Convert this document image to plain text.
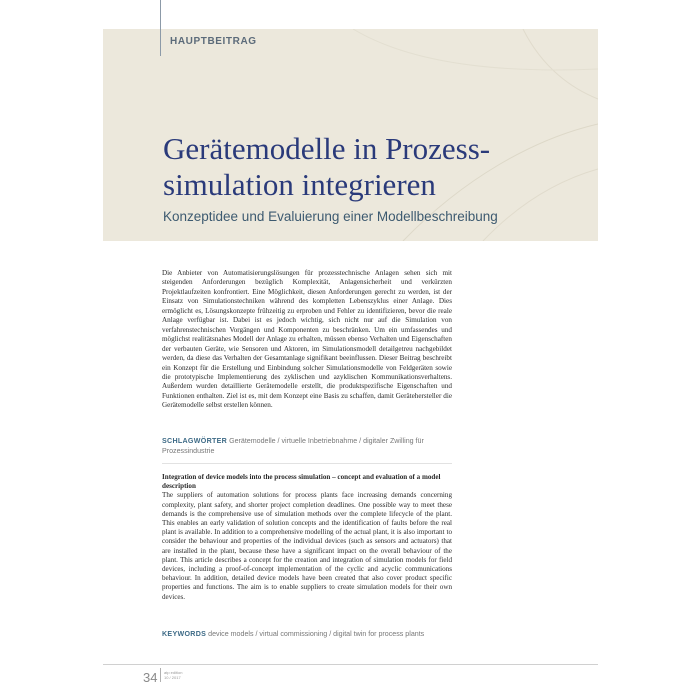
HAUPTBEITRAG
Gerätemodelle in Prozess-
simulation integrieren
Konzeptidee und Evaluierung einer Modellbeschreibung

Die Anbieter von Automatisierungslösungen für prozesstechnische Anlagen sehen sich mit steigenden Anforderungen bezüglich Komplexität, Anlagensicherheit und verkürzten Projektlaufzeiten konfrontiert. Eine Möglichkeit, diesen Anforderungen gerecht zu werden, ist der Einsatz von Simulationstechniken während des kompletten Lebenszyklus einer Anlage. Dies ermöglicht es, Lösungskonzepte frühzeitig zu erproben und Fehler zu identifizieren, bevor die reale Anlage verfügbar ist. Dabei ist es jedoch wichtig, sich nicht nur auf die Simulation von verfahrenstechnischen Vorgängen und Komponenten zu beschränken. Um ein umfassendes und möglichst realitätsnahes Modell der Anlage zu erhalten, müssen ebenso Verhalten und Eigenschaften der verbauten Geräte, wie Sensoren und Aktoren, im Simulationsmodell detailgetreu nachgebildet werden, da diese das Verhalten der Gesamtanlage signifikant beeinflussen. Dieser Beitrag beschreibt ein Konzept für die Erstellung und Einbindung solcher Simulationsmodelle von Feldgeräten sowie die prototypische Implementierung des zyklischen und azyklischen Kommunikationsverhaltens. Außerdem wurden detaillierte Gerätemodelle erstellt, die produktspezifische Eigenschaften und Funktionen enthalten. Ziel ist es, mit dem Konzept eine Basis zu schaffen, damit Gerätehersteller die Gerätemodelle selbst erstellen können.

SCHLAGWÖRTER Gerätemodelle / virtuelle Inbetriebnahme / digitaler Zwilling für Prozessindustrie

Integration of device models into the process simulation – concept and evaluation of a model description

The suppliers of automation solutions for process plants face increasing demands concerning complexity, plant safety, and shorter project completion deadlines. One possible way to meet these demands is the comprehensive use of simulation methods over the complete lifecycle of the plant. This enables an early validation of solution concepts and the identification of faults before the real plant is available. In addition to a comprehensive modelling of the actual plant, it is also important to consider the behaviour and properties of the individual devices (such as sensors and actuators) that are installed in the plant, because these have a significant impact on the overall behaviour of the plant. This article describes a concept for the creation and integration of simulation models for field devices, including a proof-of-concept implementation of the cyclic and acyclic communications behaviour. In addition, detailed device models have been created that also cover product specific properties and functions. The aim is to enable suppliers to create simulation models for their own devices.

KEYWORDS device models / virtual commissioning / digital twin for process plants
34 atp edition
10 / 2017
